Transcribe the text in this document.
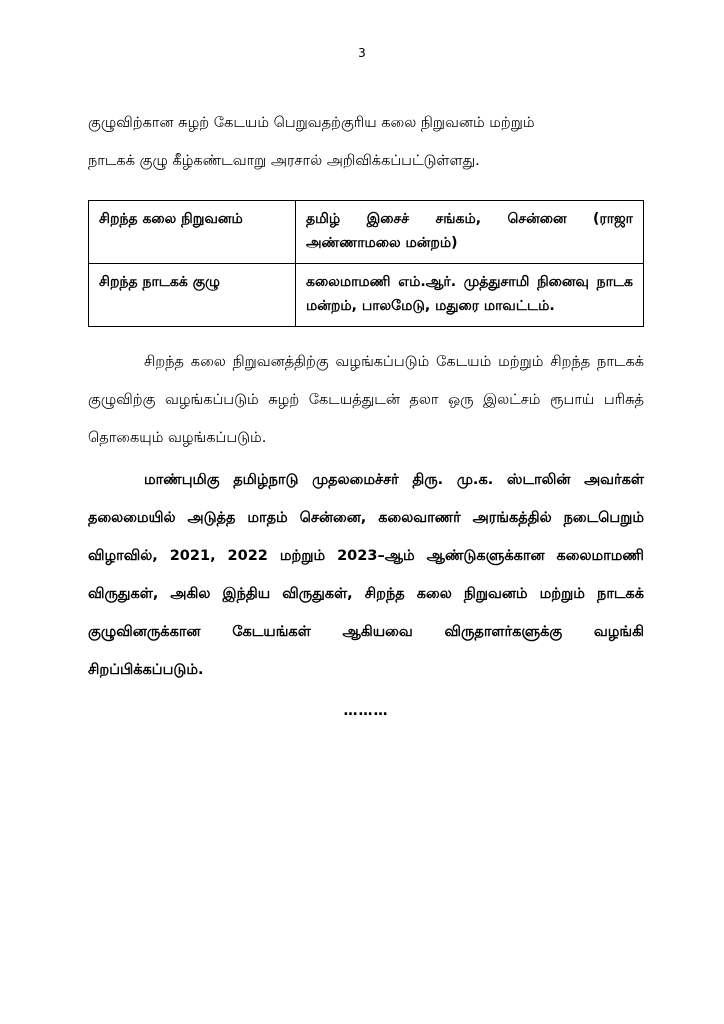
3

குழுவிற்கான சுழற் கேடயம் பெறுவதற்குரிய கலை நிறுவனம் மற்றும்

நாடகக் குழு கீழ்கண்டவாறு அரசால் அறிவிக்கப்பட்டுள்ளது.

சிறந்த கலை நிறுவனம்	தமிழ் இசைச் சங்கம், சென்னை (ராஜா அண்ணாமலை மன்றம்)
சிறந்த நாடகக் குழு	கலைமாமணி எம்.ஆர். முத்துசாமி நினைவு நாடக மன்றம், பாலமேடு, மதுரை மாவட்டம்.

சிறந்த கலை நிறுவனத்திற்கு வழங்கப்படும் கேடயம் மற்றும் சிறந்த நாடகக் குழுவிற்கு வழங்கப்படும் சுழற் கேடயத்துடன் தலா ஒரு இலட்சம் ரூபாய் பரிசுத் தொகையும் வழங்கப்படும்.

மாண்புமிகு தமிழ்நாடு முதலமைச்சர் திரு. மு.க. ஸ்டாலின் அவர்கள் தலைமையில் அடுத்த மாதம் சென்னை, கலைவாணர் அரங்கத்தில் நடைபெறும் விழாவில், 2021, 2022 மற்றும் 2023–ஆம் ஆண்டுகளுக்கான கலைமாமணி விருதுகள், அகில இந்திய விருதுகள், சிறந்த கலை நிறுவனம் மற்றும் நாடகக் குழுவினருக்கான கேடயங்கள் ஆகியவை விருதாளர்களுக்கு வழங்கி சிறப்பிக்கப்படும்.

………
